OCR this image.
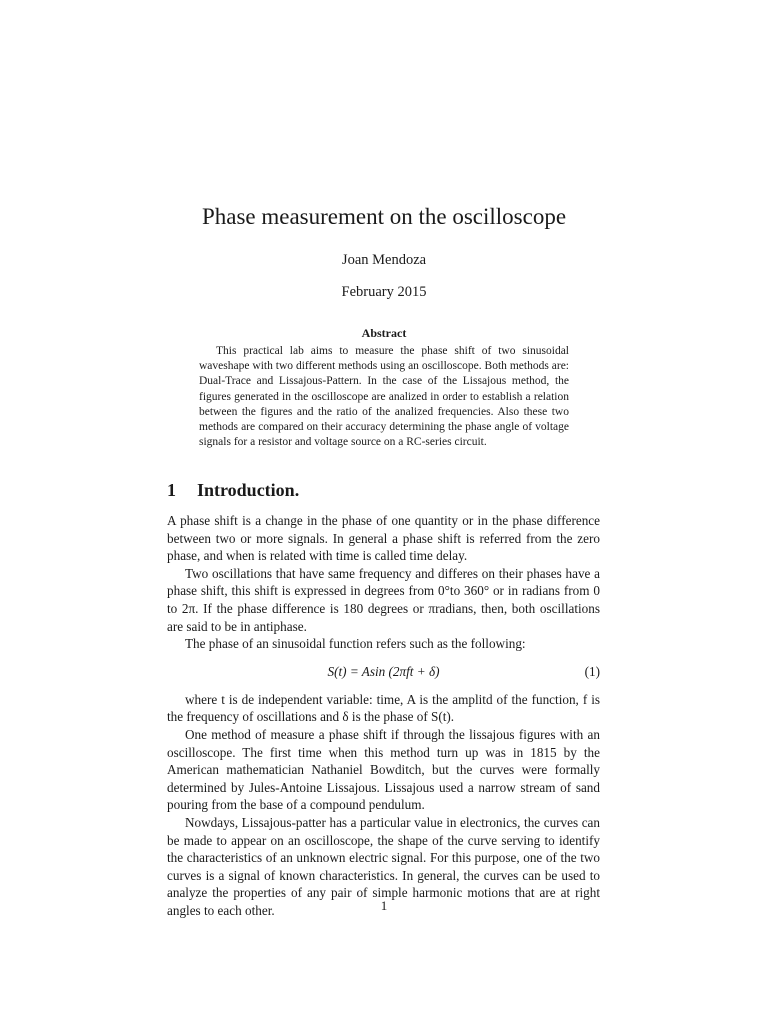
Phase measurement on the oscilloscope
Joan Mendoza
February 2015
Abstract

This practical lab aims to measure the phase shift of two sinusoidal waveshape with two different methods using an oscilloscope. Both methods are: Dual-Trace and Lissajous-Pattern. In the case of the Lissajous method, the figures generated in the oscilloscope are analized in order to establish a relation between the figures and the ratio of the analized frequencies. Also these two methods are compared on their accuracy determining the phase angle of voltage signals for a resistor and voltage source on a RC-series circuit.

1 Introduction.

A phase shift is a change in the phase of one quantity or in the phase difference between two or more signals. In general a phase shift is referred from the zero phase, and when is related with time is called time delay.

Two oscillations that have same frequency and differes on their phases have a phase shift, this shift is expressed in degrees from 0°to 360° or in radians from 0 to 2π. If the phase difference is 180 degrees or πradians, then, both oscillations are said to be in antiphase.

The phase of an sinusoidal function refers such as the following:

S(t) = Asin (2πft + δ)	(1)

where t is de independent variable: time, A is the amplitd of the function, f is the frequency of oscillations and δ is the phase of S(t).

One method of measure a phase shift if through the lissajous figures with an oscilloscope. The first time when this method turn up was in 1815 by the American mathematician Nathaniel Bowditch, but the curves were formally determined by Jules-Antoine Lissajous. Lissajous used a narrow stream of sand pouring from the base of a compound pendulum.

Nowdays, Lissajous-patter has a particular value in electronics, the curves can be made to appear on an oscilloscope, the shape of the curve serving to identify the characteristics of an unknown electric signal. For this purpose, one of the two curves is a signal of known characteristics. In general, the curves can be used to analyze the properties of any pair of simple harmonic motions that are at right angles to each other.	1
